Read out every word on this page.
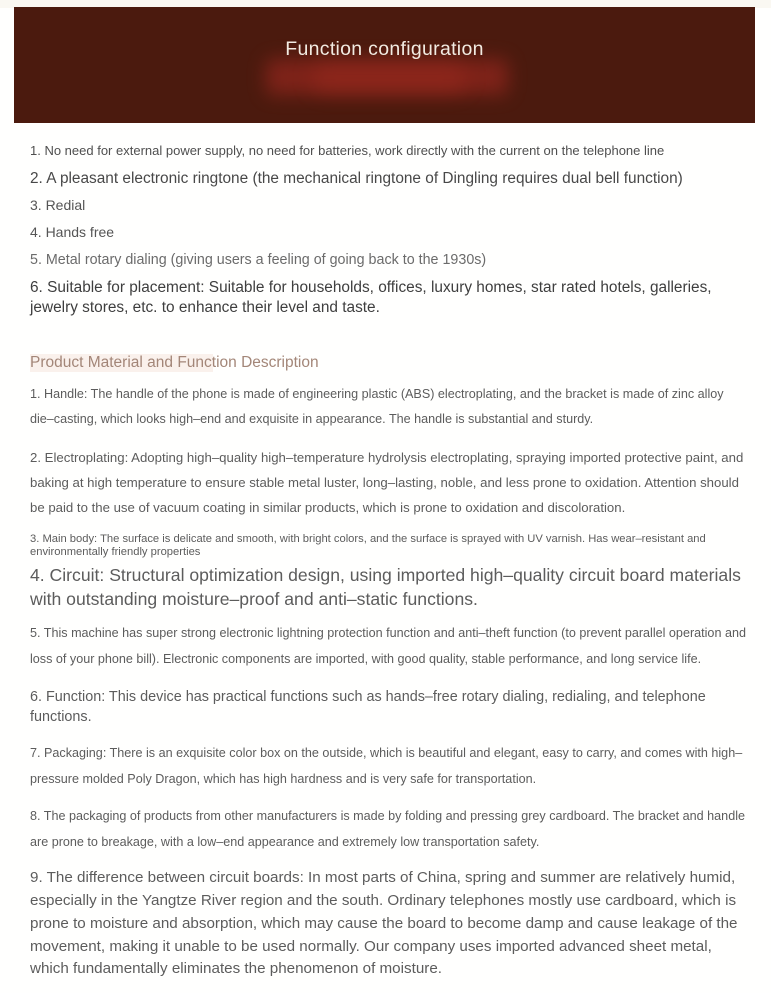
Function configuration

1. No need for external power supply, no need for batteries, work directly with the current on the telephone line

2. A pleasant electronic ringtone (the mechanical ringtone of Dingling requires dual bell function)

3. Redial

4. Hands free

5. Metal rotary dialing (giving users a feeling of going back to the 1930s)

6. Suitable for placement: Suitable for households, offices, luxury homes, star rated hotels, galleries, jewelry stores, etc. to enhance their level and taste.

Product Material and Function Description

1. Handle: The handle of the phone is made of engineering plastic (ABS) electroplating, and the bracket is made of zinc alloy die–casting, which looks high–end and exquisite in appearance. The handle is substantial and sturdy.

2. Electroplating: Adopting high–quality high–temperature hydrolysis electroplating, spraying imported protective paint, and baking at high temperature to ensure stable metal luster, long–lasting, noble, and less prone to oxidation. Attention should be paid to the use of vacuum coating in similar products, which is prone to oxidation and discoloration.

3. Main body: The surface is delicate and smooth, with bright colors, and the surface is sprayed with UV varnish. Has wear–resistant and environmentally friendly properties

4. Circuit: Structural optimization design, using imported high–quality circuit board materials with outstanding moisture–proof and anti–static functions.

5. This machine has super strong electronic lightning protection function and anti–theft function (to prevent parallel operation and loss of your phone bill). Electronic components are imported, with good quality, stable performance, and long service life.

6. Function: This device has practical functions such as hands–free rotary dialing, redialing, and telephone functions.

7. Packaging: There is an exquisite color box on the outside, which is beautiful and elegant, easy to carry, and comes with high–pressure molded Poly Dragon, which has high hardness and is very safe for transportation.

8. The packaging of products from other manufacturers is made by folding and pressing grey cardboard. The bracket and handle are prone to breakage, with a low–end appearance and extremely low transportation safety.

9. The difference between circuit boards: In most parts of China, spring and summer are relatively humid, especially in the Yangtze River region and the south. Ordinary telephones mostly use cardboard, which is prone to moisture and absorption, which may cause the board to become damp and cause leakage of the movement, making it unable to be used normally. Our company uses imported advanced sheet metal, which fundamentally eliminates the phenomenon of moisture.
